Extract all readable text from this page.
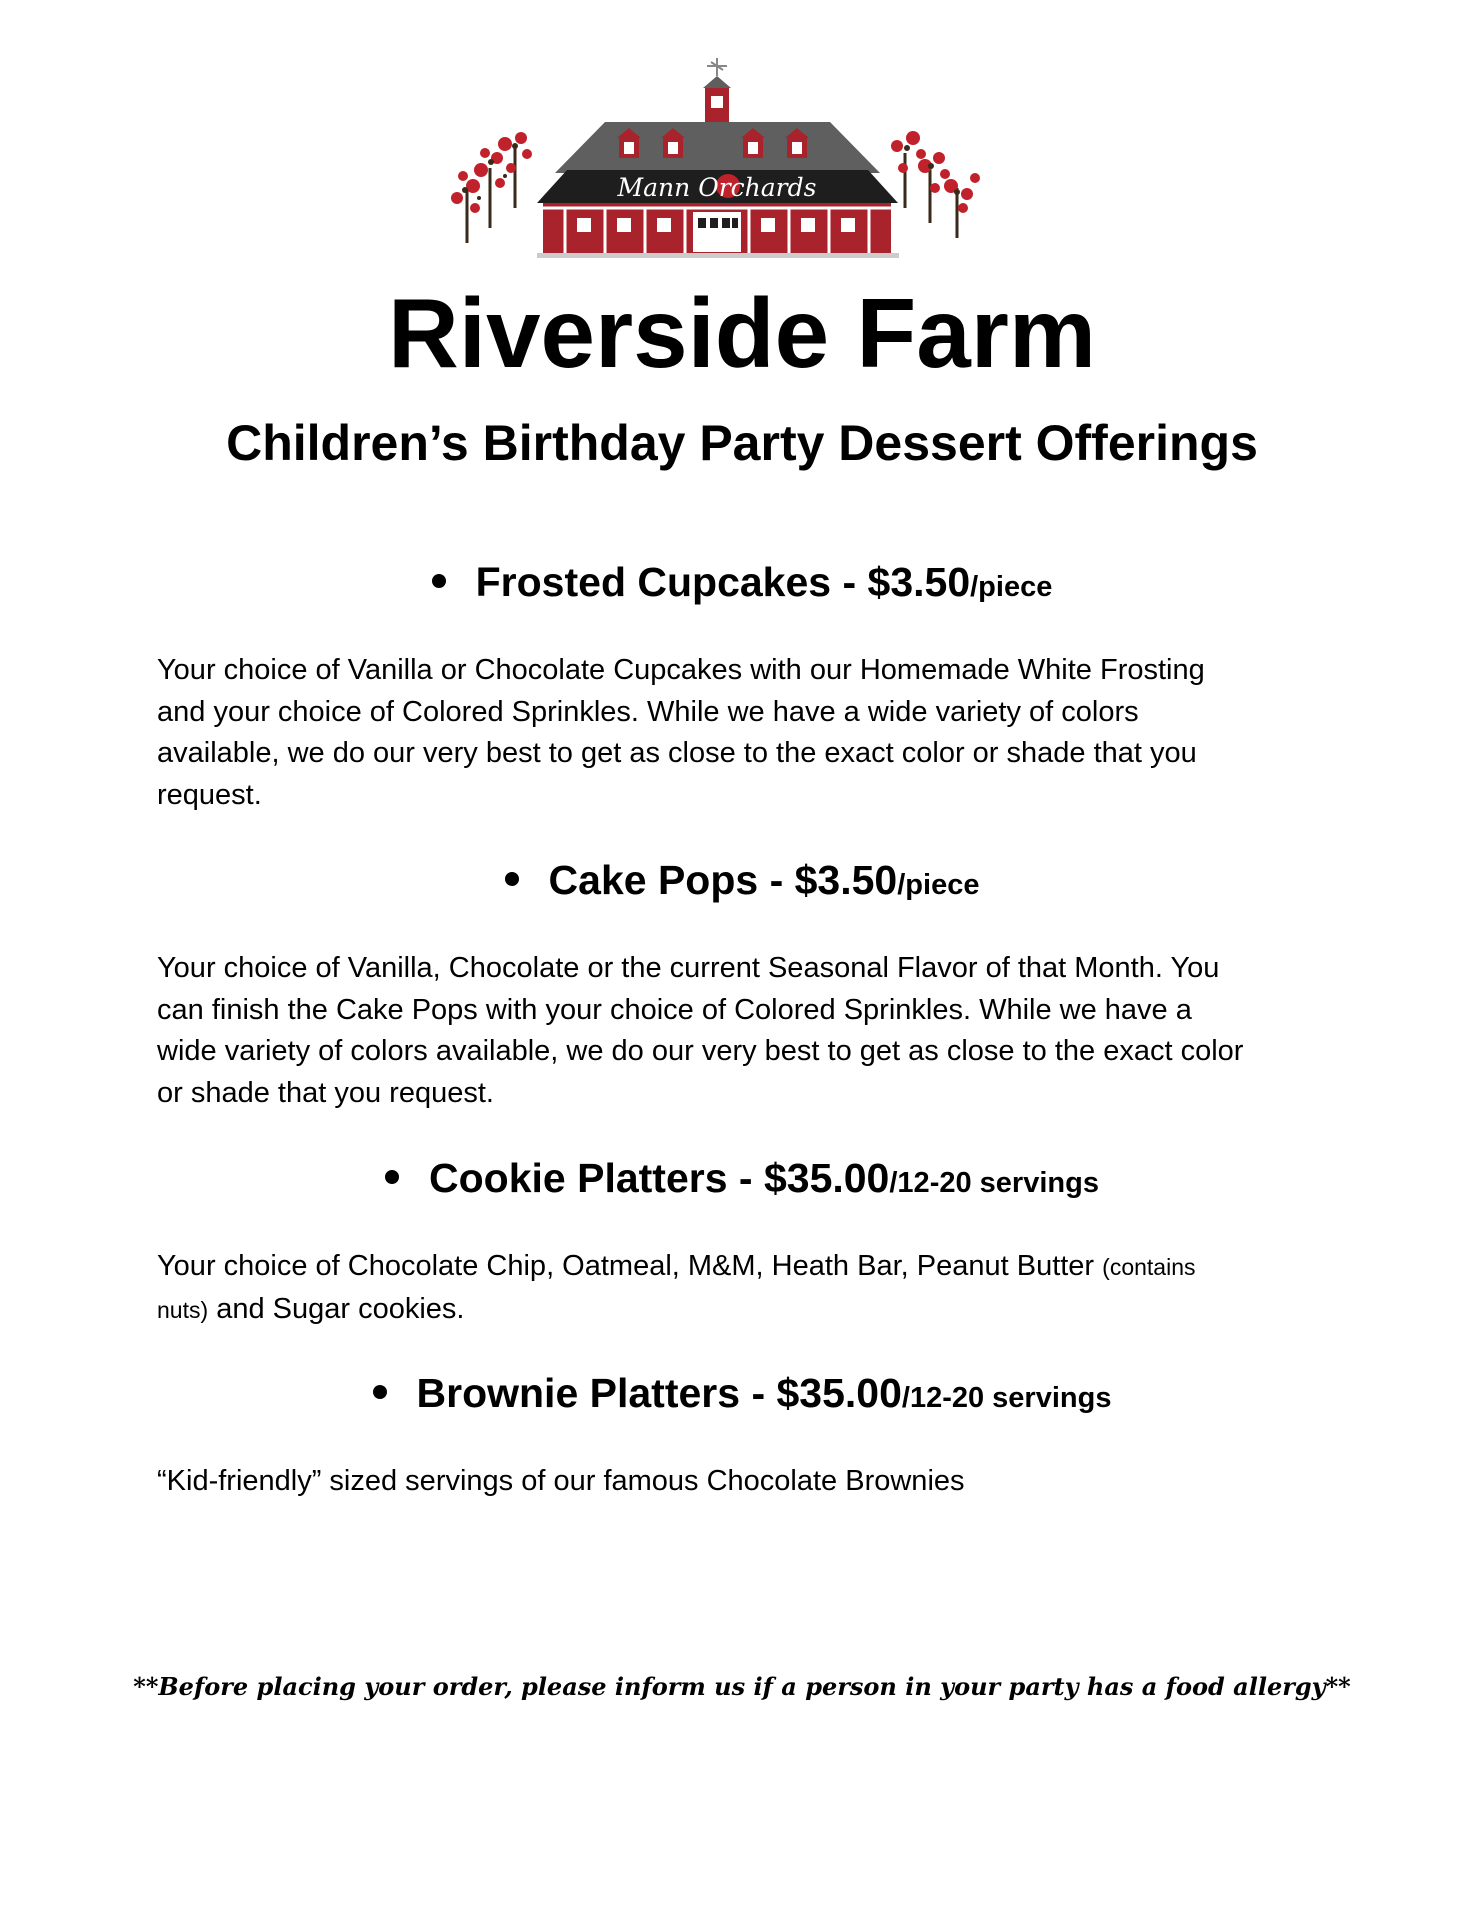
Mann Orchards
Riverside Farm
Children’s Birthday Party Dessert Offerings
Frosted Cupcakes - $3.50/piece
Your choice of Vanilla or Chocolate Cupcakes with our Homemade White Frosting
and your choice of Colored Sprinkles. While we have a wide variety of colors
available, we do our very best to get as close to the exact color or shade that you
request.
Cake Pops - $3.50/piece
Your choice of Vanilla, Chocolate or the current Seasonal Flavor of that Month. You
can finish the Cake Pops with your choice of Colored Sprinkles. While we have a
wide variety of colors available, we do our very best to get as close to the exact color
or shade that you request.
Cookie Platters - $35.00/12-20 servings
Your choice of Chocolate Chip, Oatmeal, M&M, Heath Bar, Peanut Butter (contains
nuts) and Sugar cookies.
Brownie Platters - $35.00/12-20 servings
“Kid-friendly” sized servings of our famous Chocolate Brownies
**Before placing your order, please inform us if a person in your party has a food allergy**
